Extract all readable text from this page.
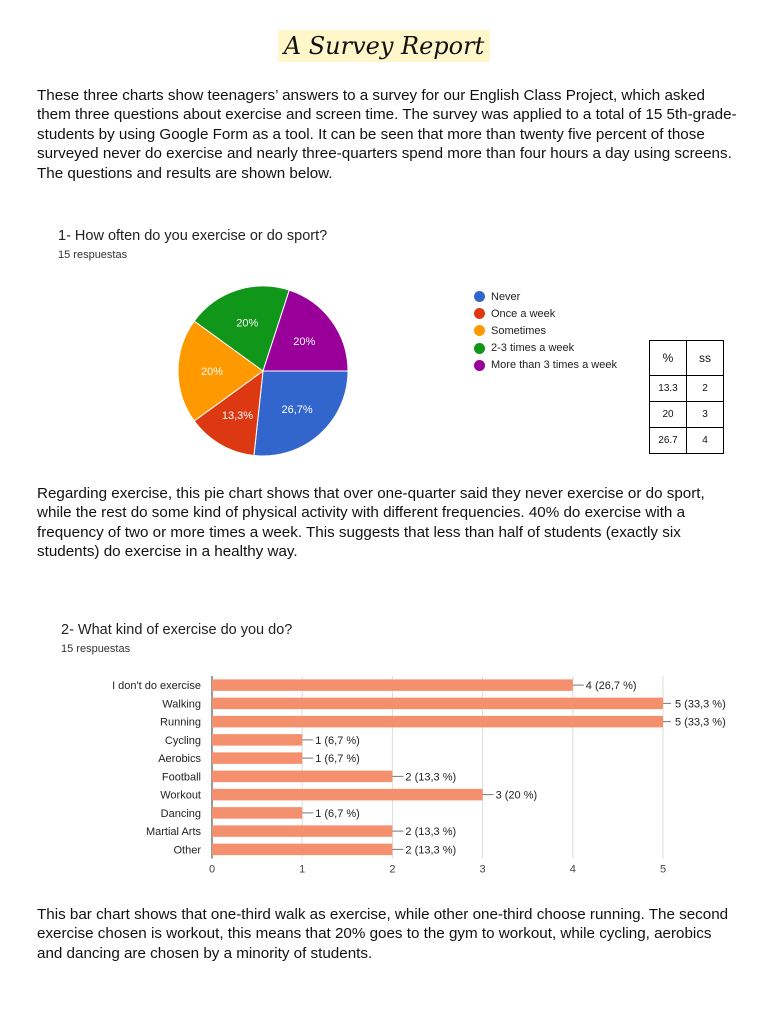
A Survey Report

These three charts show teenagers’ answers to a survey for our English Class Project, which asked them three questions about exercise and screen time. The survey was applied to a total of 15 5th-grade-students by using Google Form as a tool. It can be seen that more than twenty five percent of those surveyed never do exercise and nearly three-quarters spend more than four hours a day using screens. The questions and results are shown below.

1- How often do you exercise or do sport?
15 respuestas
26,7%
13,3%
20%
20%
20%
Never
Once a week
Sometimes
2-3 times a week
More than 3 times a week
%	ss
13.3	2
20	3
26.7	4

Regarding exercise, this pie chart shows that over one-quarter said they never exercise or do sport, while the rest do some kind of physical activity with different frequencies. 40% do exercise with a frequency of two or more times a week. This suggests that less than half of students (exactly six students) do exercise in a healthy way.

2- What kind of exercise do you do?
15 respuestas
0	1	2	3	4	5
I don't do exercise	4 (26,7 %)
Walking	5 (33,3 %)
Running	5 (33,3 %)
Cycling	1 (6,7 %)
Aerobics	1 (6,7 %)
Football	2 (13,3 %)
Workout	3 (20 %)
Dancing	1 (6,7 %)
Martial Arts	2 (13,3 %)
Other	2 (13,3 %)

This bar chart shows that one-third walk as exercise, while other one-third choose running. The second exercise chosen is workout, this means that 20% goes to the gym to workout, while cycling, aerobics and dancing are chosen by a minority of students.
